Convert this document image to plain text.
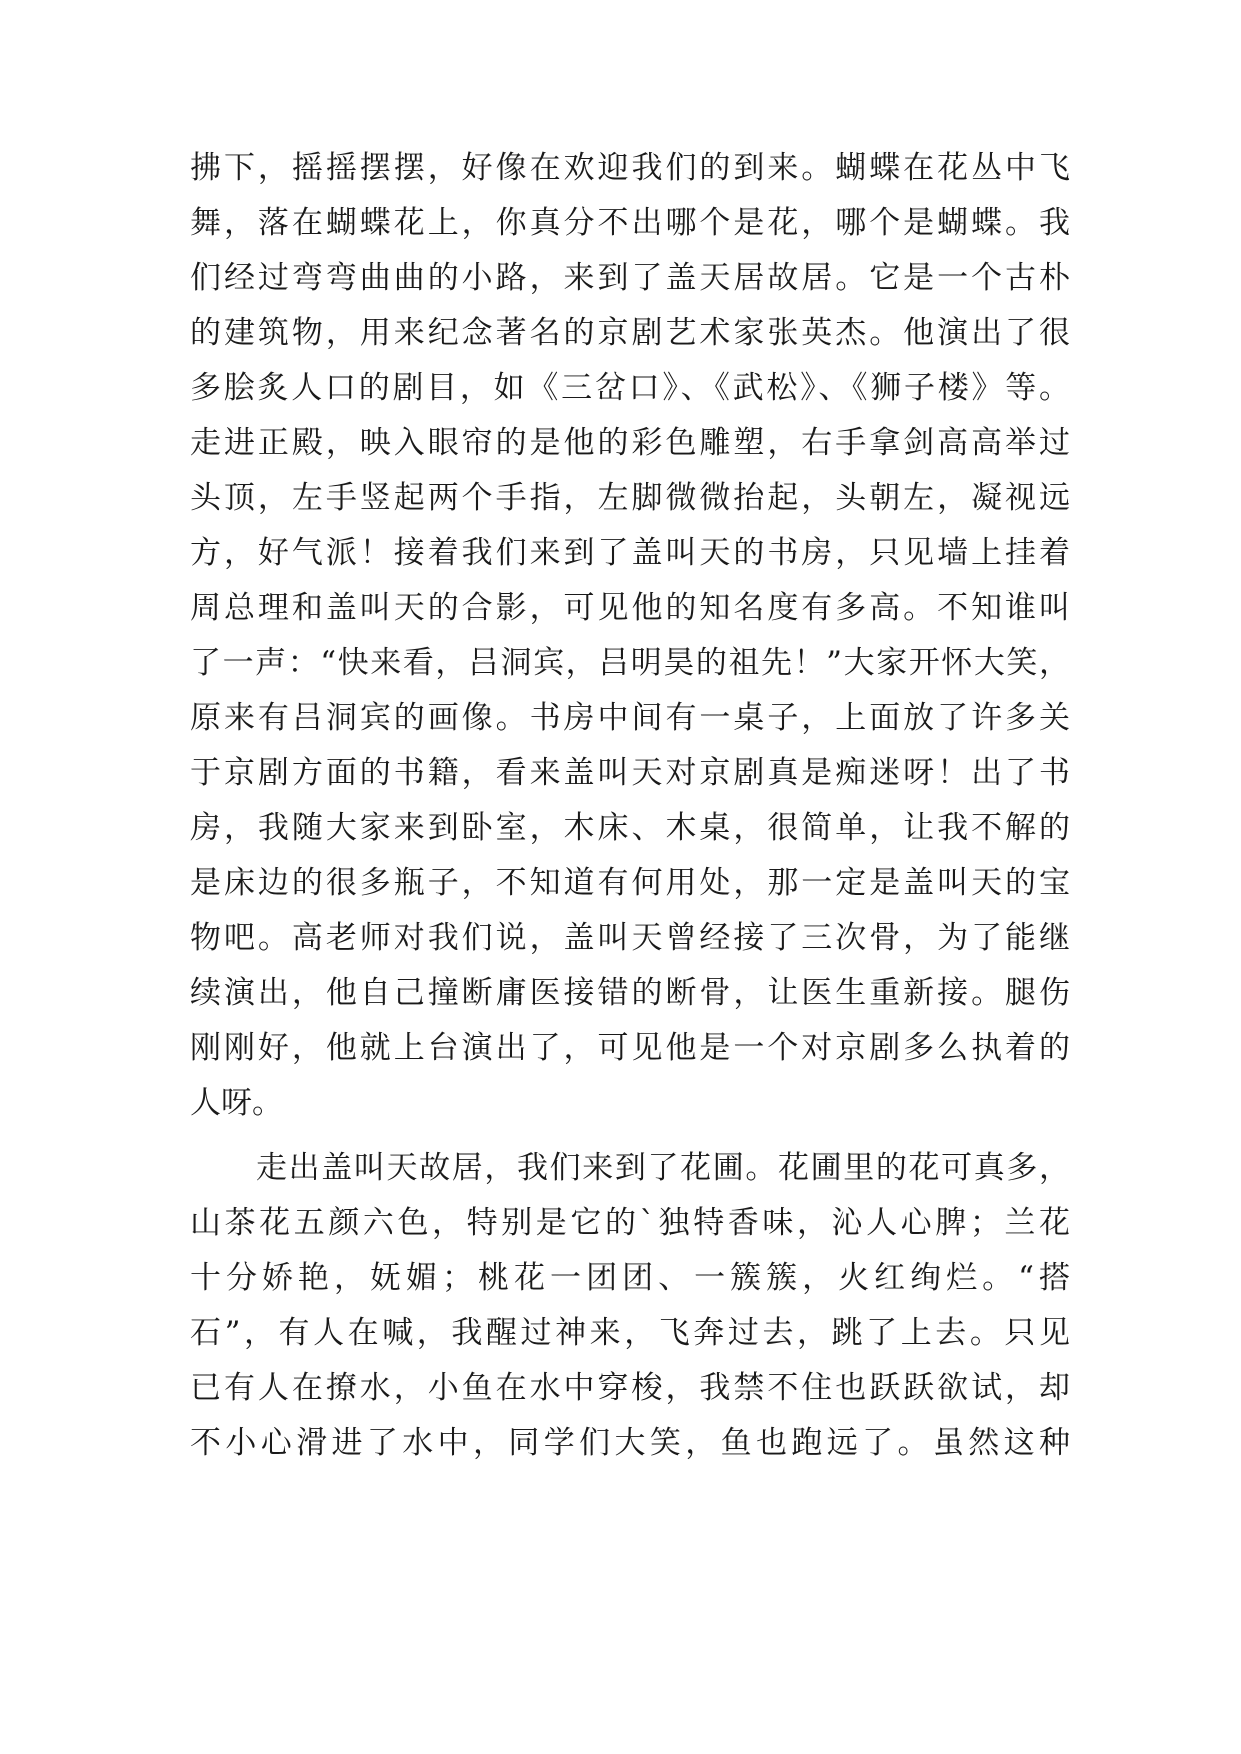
拂下，摇摇摆摆，好像在欢迎我们的到来。蝴蝶在花丛中飞
舞，落在蝴蝶花上，你真分不出哪个是花，哪个是蝴蝶。我
们经过弯弯曲曲的小路，来到了盖天居故居。它是一个古朴
的建筑物，用来纪念著名的京剧艺术家张英杰。他演出了很
多脍炙人口的剧目，如《三岔口》、《武松》、《狮子楼》等。
走进正殿，映入眼帘的是他的彩色雕塑，右手拿剑高高举过
头顶，左手竖起两个手指，左脚微微抬起，头朝左，凝视远
方，好气派！接着我们来到了盖叫天的书房，只见墙上挂着
周总理和盖叫天的合影，可见他的知名度有多高。不知谁叫
了一声：“快来看，吕洞宾，吕明昊的祖先！”大家开怀大笑，
原来有吕洞宾的画像。书房中间有一桌子，上面放了许多关
于京剧方面的书籍，看来盖叫天对京剧真是痴迷呀！出了书
房，我随大家来到卧室，木床、木桌，很简单，让我不解的
是床边的很多瓶子，不知道有何用处，那一定是盖叫天的宝
物吧。高老师对我们说，盖叫天曾经接了三次骨，为了能继
续演出，他自己撞断庸医接错的断骨，让医生重新接。腿伤
刚刚好，他就上台演出了，可见他是一个对京剧多么执着的
人呀。
走出盖叫天故居，我们来到了花圃。花圃里的花可真多，
山茶花五颜六色，特别是它的`独特香味，沁人心脾；兰花
十分娇艳，妩媚；桃花一团团、一簇簇，火红绚烂。“搭
石”，有人在喊，我醒过神来，飞奔过去，跳了上去。只见
已有人在撩水，小鱼在水中穿梭，我禁不住也跃跃欲试，却
不小心滑进了水中，同学们大笑，鱼也跑远了。虽然这种
